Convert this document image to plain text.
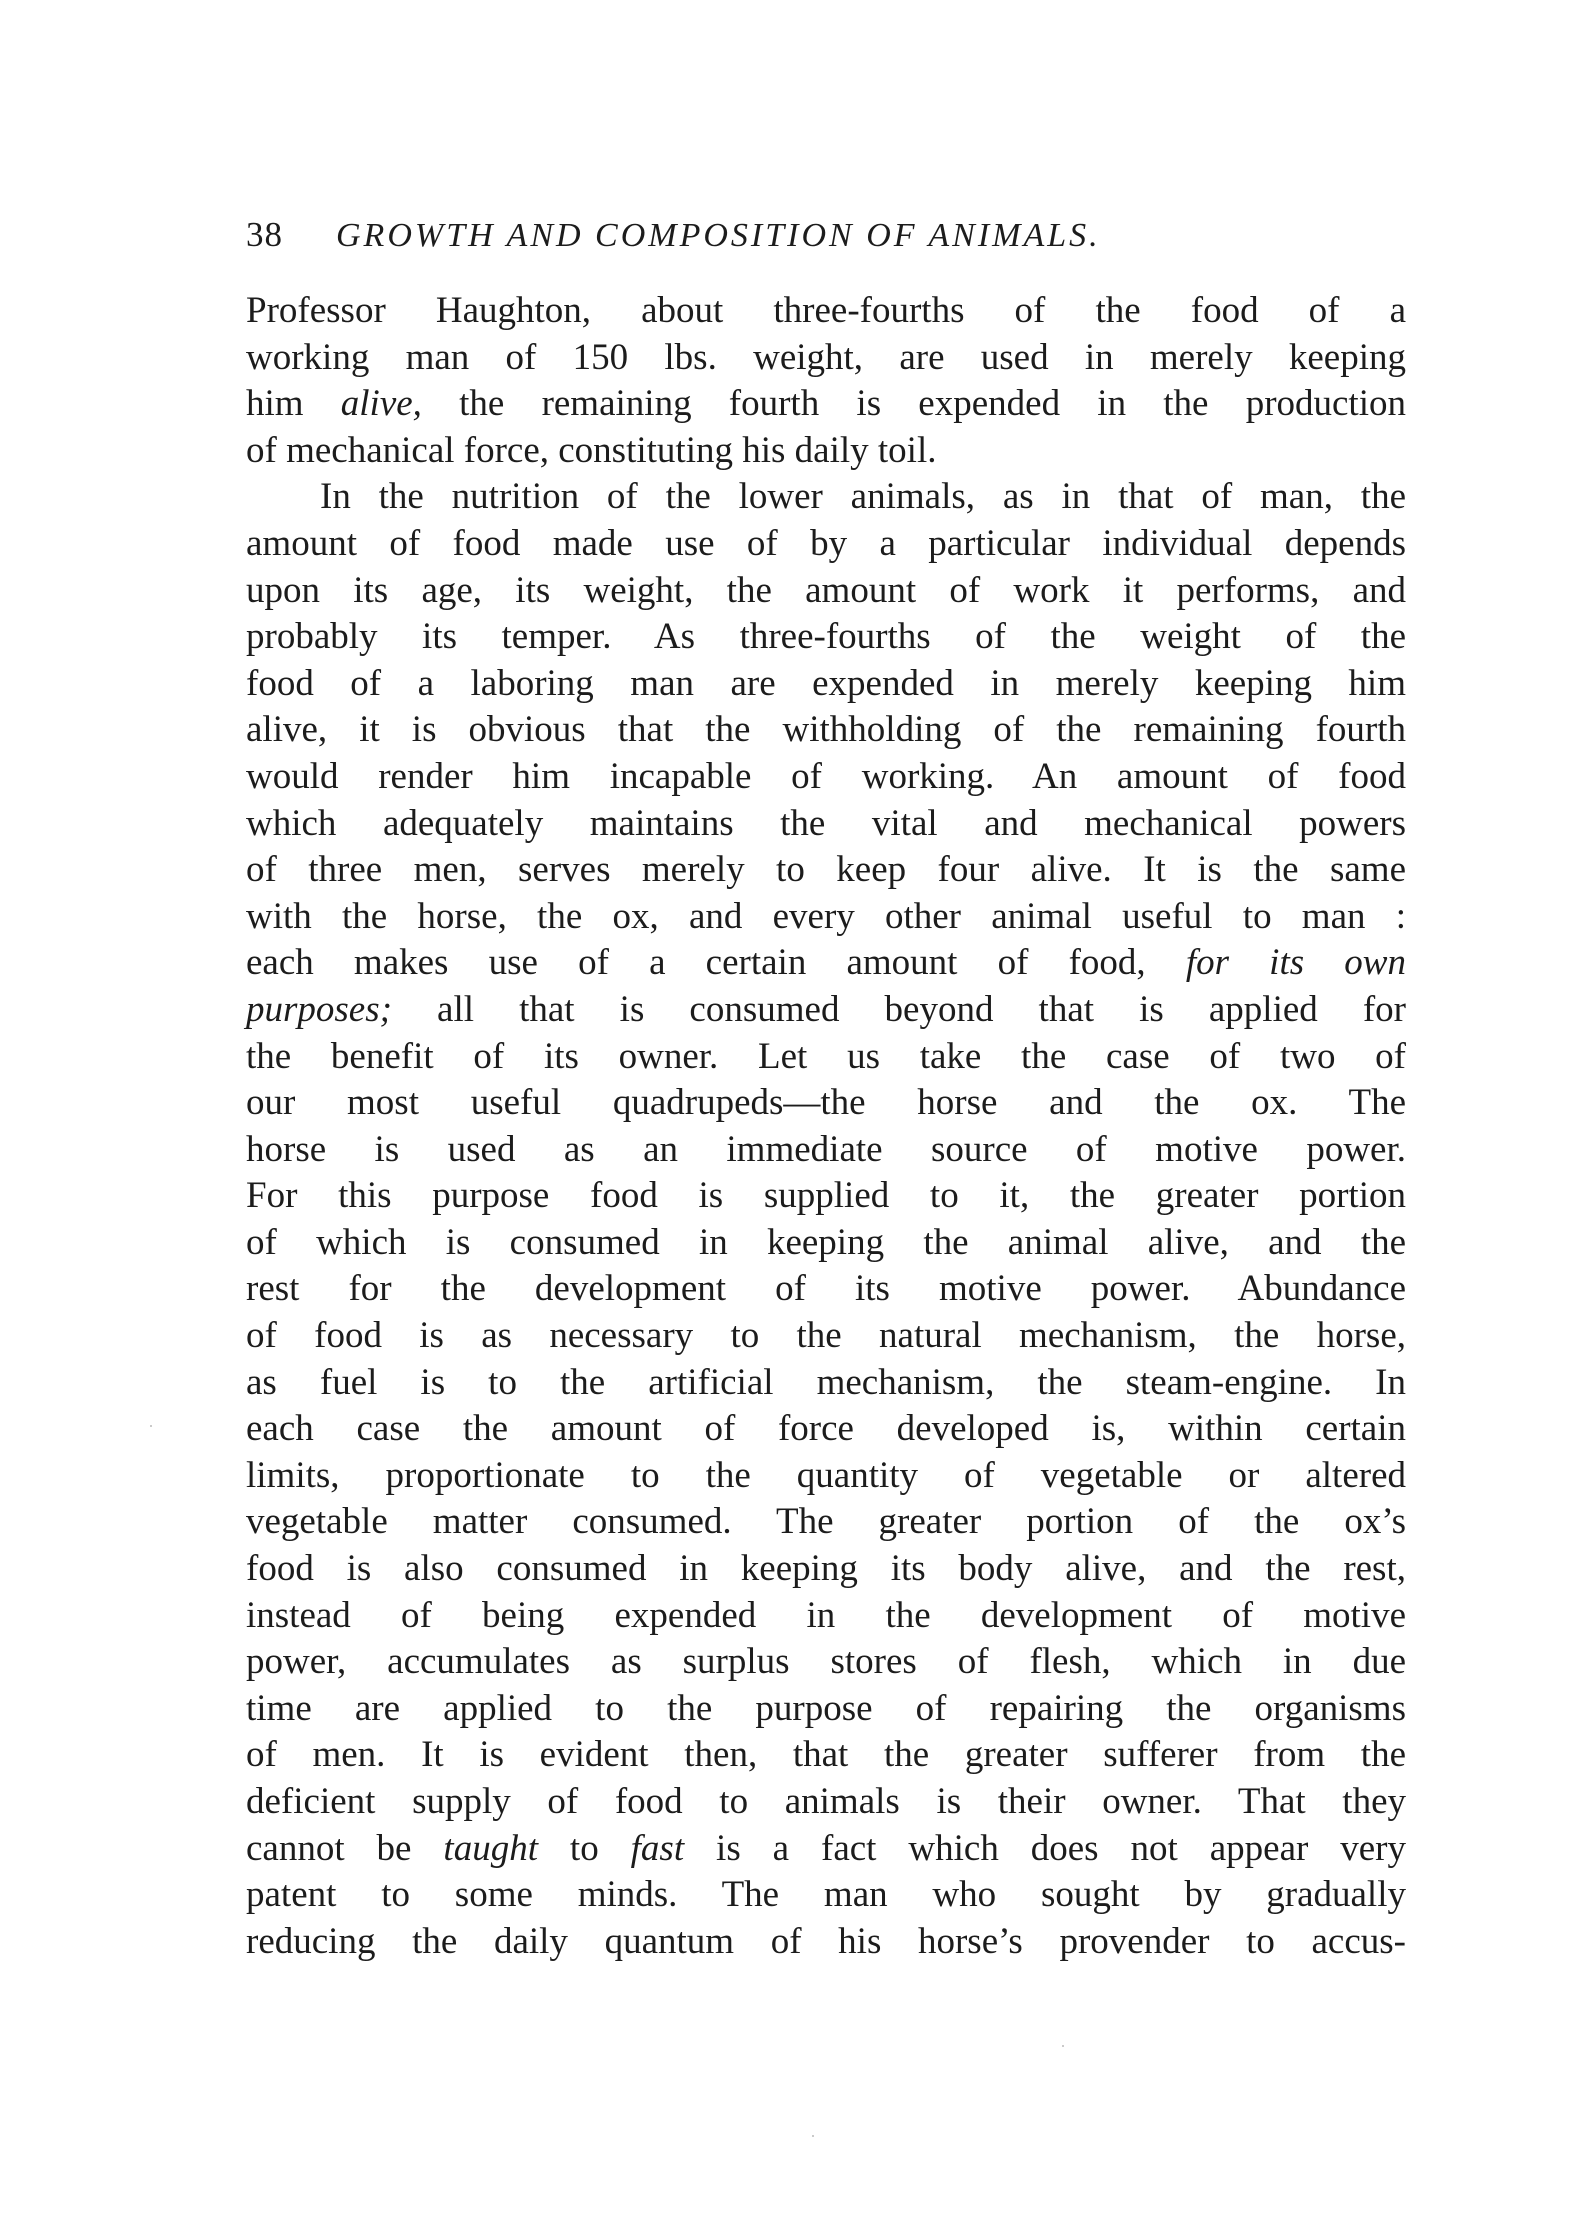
38 GROWTH AND COMPOSITION OF ANIMALS.
Professor Haughton, about three-fourths of the food of a
working man of 150 lbs. weight, are used in merely keeping
him alive, the remaining fourth is expended in the production
of mechanical force, constituting his daily toil.
In the nutrition of the lower animals, as in that of man, the
amount of food made use of by a particular individual depends
upon its age, its weight, the amount of work it performs, and
probably its temper. As three-fourths of the weight of the
food of a laboring man are expended in merely keeping him
alive, it is obvious that the withholding of the remaining fourth
would render him incapable of working. An amount of food
which adequately maintains the vital and mechanical powers
of three men, serves merely to keep four alive. It is the same
with the horse, the ox, and every other animal useful to man :
each makes use of a certain amount of food, for its own
purposes; all that is consumed beyond that is applied for
the benefit of its owner. Let us take the case of two of
our most useful quadrupeds—the horse and the ox. The
horse is used as an immediate source of motive power.
For this purpose food is supplied to it, the greater portion
of which is consumed in keeping the animal alive, and the
rest for the development of its motive power. Abundance
of food is as necessary to the natural mechanism, the horse,
as fuel is to the artificial mechanism, the steam-engine. In
each case the amount of force developed is, within certain
limits, proportionate to the quantity of vegetable or altered
vegetable matter consumed. The greater portion of the ox’s
food is also consumed in keeping its body alive, and the rest,
instead of being expended in the development of motive
power, accumulates as surplus stores of flesh, which in due
time are applied to the purpose of repairing the organisms
of men. It is evident then, that the greater sufferer from the
deficient supply of food to animals is their owner. That they
cannot be taught to fast is a fact which does not appear very
patent to some minds. The man who sought by gradually
reducing the daily quantum of his horse’s provender to accus-
